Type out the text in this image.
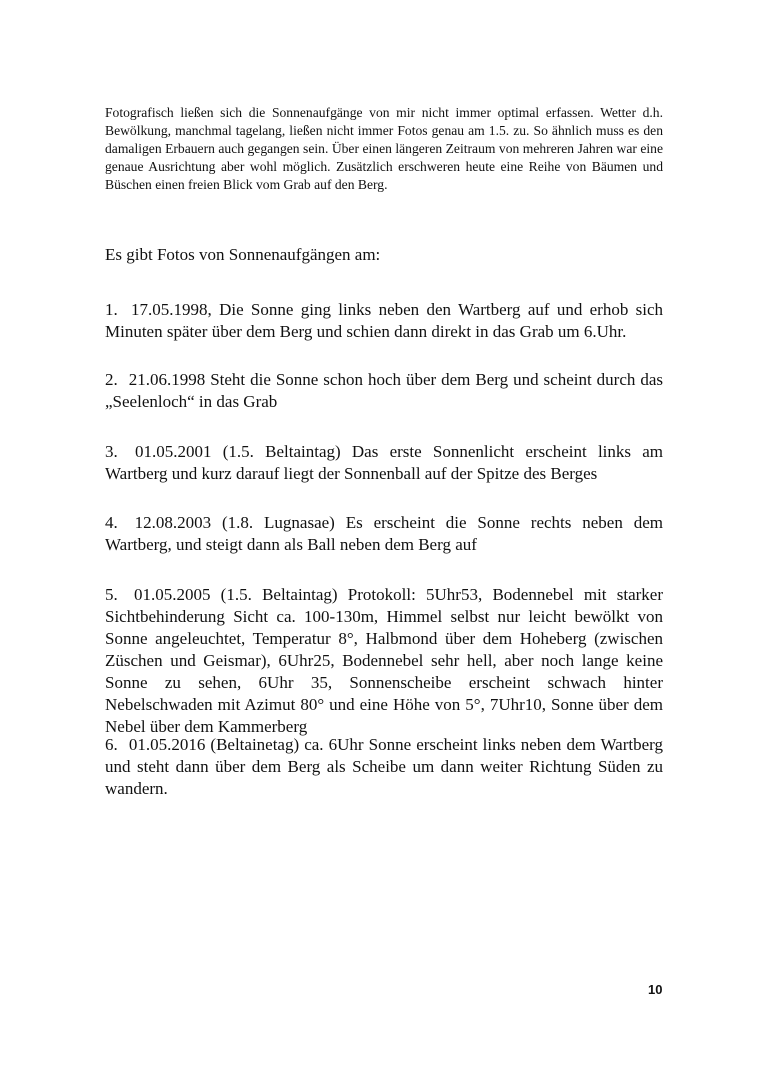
Fotografisch ließen sich die Sonnenaufgänge von mir nicht immer optimal erfassen. Wetter d.h. Bewölkung, manchmal tagelang, ließen nicht immer Fotos genau am 1.5. zu. So ähnlich muss es den damaligen Erbauern auch gegangen sein. Über einen längeren Zeitraum von mehreren Jahren war eine genaue Ausrichtung aber wohl möglich. Zusätzlich erschweren heute eine Reihe von Bäumen und Büschen einen freien Blick vom Grab auf den Berg.

Es gibt Fotos von Sonnenaufgängen am:

1. 17.05.1998, Die Sonne ging links neben den Wartberg auf und erhob sich Minuten später über dem Berg und schien dann direkt in das Grab um 6.Uhr.

2. 21.06.1998 Steht die Sonne schon hoch über dem Berg und scheint durch das „Seelenloch“ in das Grab

3. 01.05.2001 (1.5. Beltaintag) Das erste Sonnenlicht erscheint links am Wartberg und kurz darauf liegt der Sonnenball auf der Spitze des Berges

4. 12.08.2003 (1.8. Lugnasae) Es erscheint die Sonne rechts neben dem Wartberg, und steigt dann als Ball neben dem Berg auf

5. 01.05.2005 (1.5. Beltaintag) Protokoll: 5Uhr53, Bodennebel mit starker Sichtbehinderung Sicht ca. 100-130m, Himmel selbst nur leicht bewölkt von Sonne angeleuchtet, Temperatur 8°, Halbmond über dem Hoheberg (zwischen Züschen und Geismar), 6Uhr25, Bodennebel sehr hell, aber noch lange keine Sonne zu sehen, 6Uhr 35, Sonnenscheibe erscheint schwach hinter Nebelschwaden mit Azimut 80° und eine Höhe von 5°, 7Uhr10, Sonne über dem Nebel über dem Kammerberg

6. 01.05.2016 (Beltainetag) ca. 6Uhr Sonne erscheint links neben dem Wartberg und steht dann über dem Berg als Scheibe um dann weiter Richtung Süden zu wandern.

10
